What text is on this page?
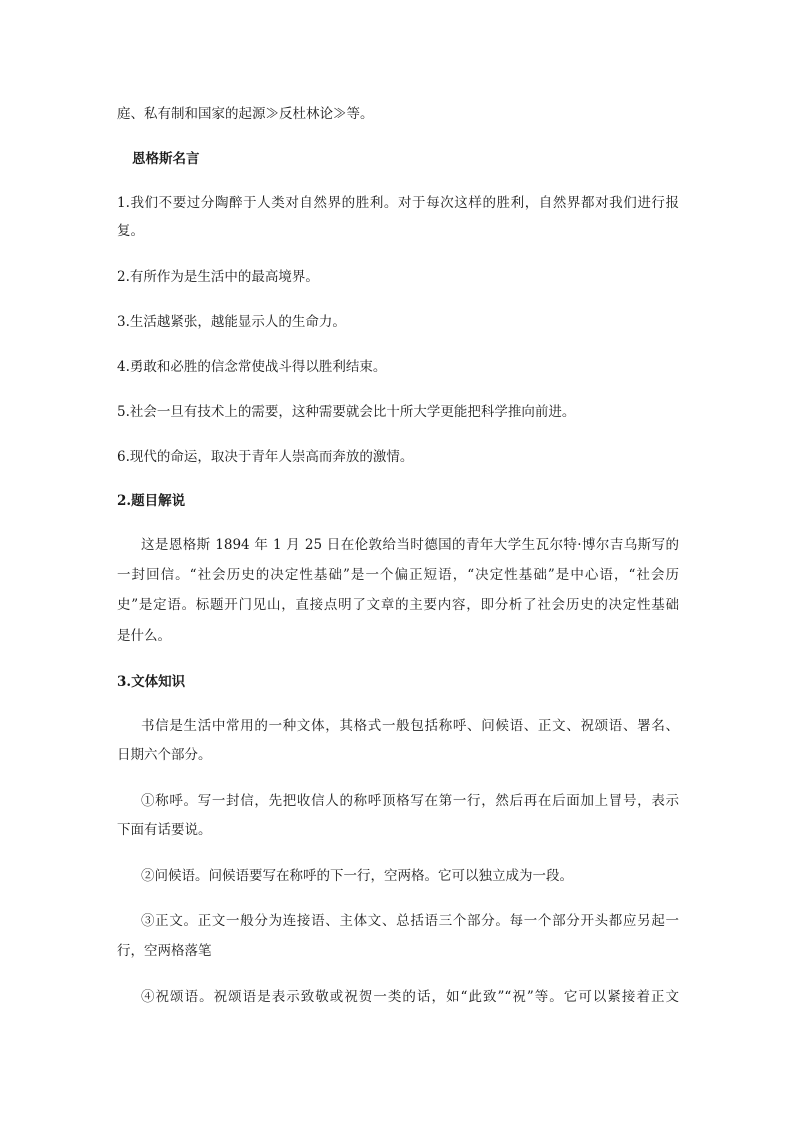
庭、私有制和国家的起源≫反杜林论≫等。
恩格斯名言
1.我们不要过分陶醉于人类对自然界的胜利。对于每次这样的胜利，自然界都对我们进行报
复。
2.有所作为是生活中的最高境界。
3.生活越紧张，越能显示人的生命力。
4.勇敢和必胜的信念常使战斗得以胜利结束。
5.社会一旦有技术上的需要，这种需要就会比十所大学更能把科学推向前进。
6.现代的命运，取决于青年人崇高而奔放的激情。
2.题目解说
这是恩格斯 1894 年 1 月 25 日在伦敦给当时德国的青年大学生瓦尔特·博尔吉乌斯写的
一封回信。“社会历史的决定性基础”是一个偏正短语，“决定性基础”是中心语，“社会历
史”是定语。标题开门见山，直接点明了文章的主要内容，即分析了社会历史的决定性基础
是什么。
3.文体知识
书信是生活中常用的一种文体，其格式一般包括称呼、问候语、正文、祝颂语、署名、
日期六个部分。
①称呼。写一封信，先把收信人的称呼顶格写在第一行，然后再在后面加上冒号，表示
下面有话要说。
②问候语。问候语要写在称呼的下一行，空两格。它可以独立成为一段。
③正文。正文一般分为连接语、主体文、总括语三个部分。每一个部分开头都应另起一
行，空两格落笔
④祝颂语。祝颂语是表示致敬或祝贺一类的话，如“此致”“祝”等。它可以紧接着正文
